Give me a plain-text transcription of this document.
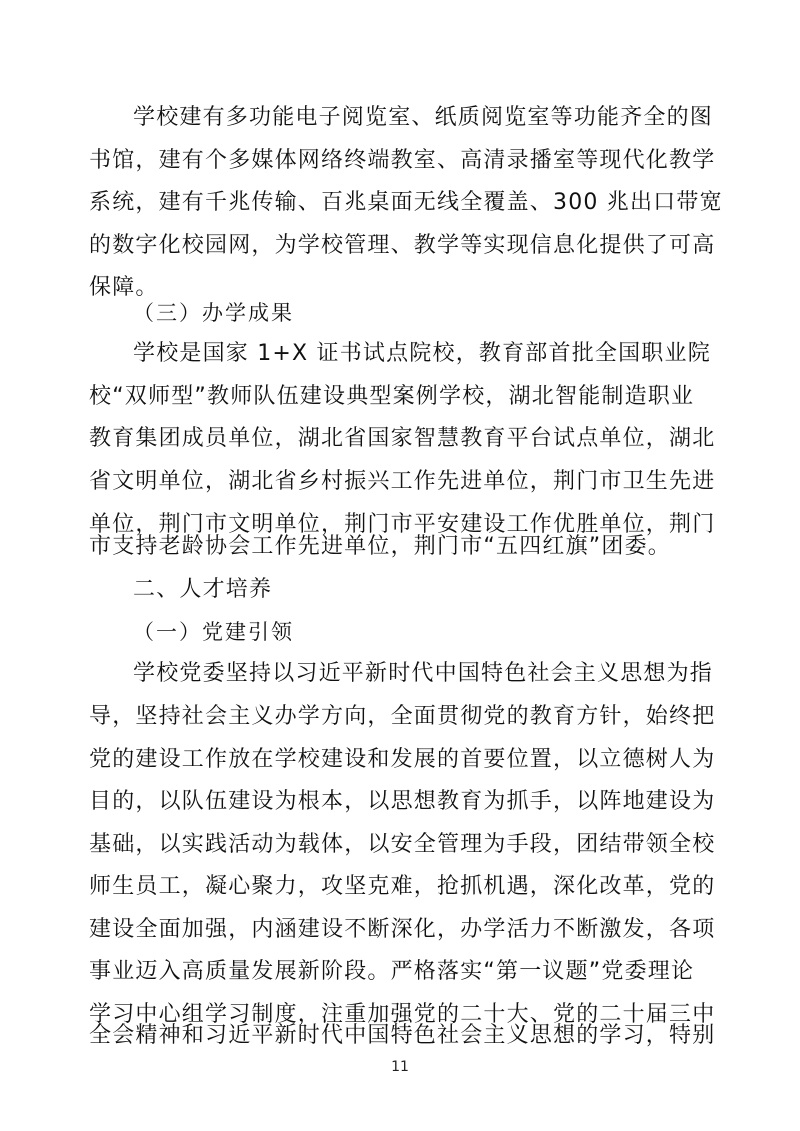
学校建有多功能电子阅览室、纸质阅览室等功能齐全的图
书馆，建有个多媒体网络终端教室、高清录播室等现代化教学
系统，建有千兆传输、百兆桌面无线全覆盖、300 兆出口带宽
的数字化校园网，为学校管理、教学等实现信息化提供了可高
保障。
（三）办学成果
学校是国家 1+X 证书试点院校，教育部首批全国职业院
校“双师型”教师队伍建设典型案例学校，湖北智能制造职业
教育集团成员单位，湖北省国家智慧教育平台试点单位，湖北
省文明单位，湖北省乡村振兴工作先进单位，荆门市卫生先进
单位，荆门市文明单位，荆门市平安建设工作优胜单位，荆门
市支持老龄协会工作先进单位，荆门市“五四红旗”团委。
二、人才培养
（一）党建引领
学校党委坚持以习近平新时代中国特色社会主义思想为指
导，坚持社会主义办学方向，全面贯彻党的教育方针，始终把
党的建设工作放在学校建设和发展的首要位置，以立德树人为
目的，以队伍建设为根本，以思想教育为抓手，以阵地建设为
基础，以实践活动为载体，以安全管理为手段，团结带领全校
师生员工，凝心聚力，攻坚克难，抢抓机遇，深化改革，党的
建设全面加强，内涵建设不断深化，办学活力不断激发，各项
事业迈入高质量发展新阶段。严格落实“第一议题”党委理论
学习中心组学习制度，注重加强党的二十大、党的二十届三中
全会精神和习近平新时代中国特色社会主义思想的学习，特别
11
